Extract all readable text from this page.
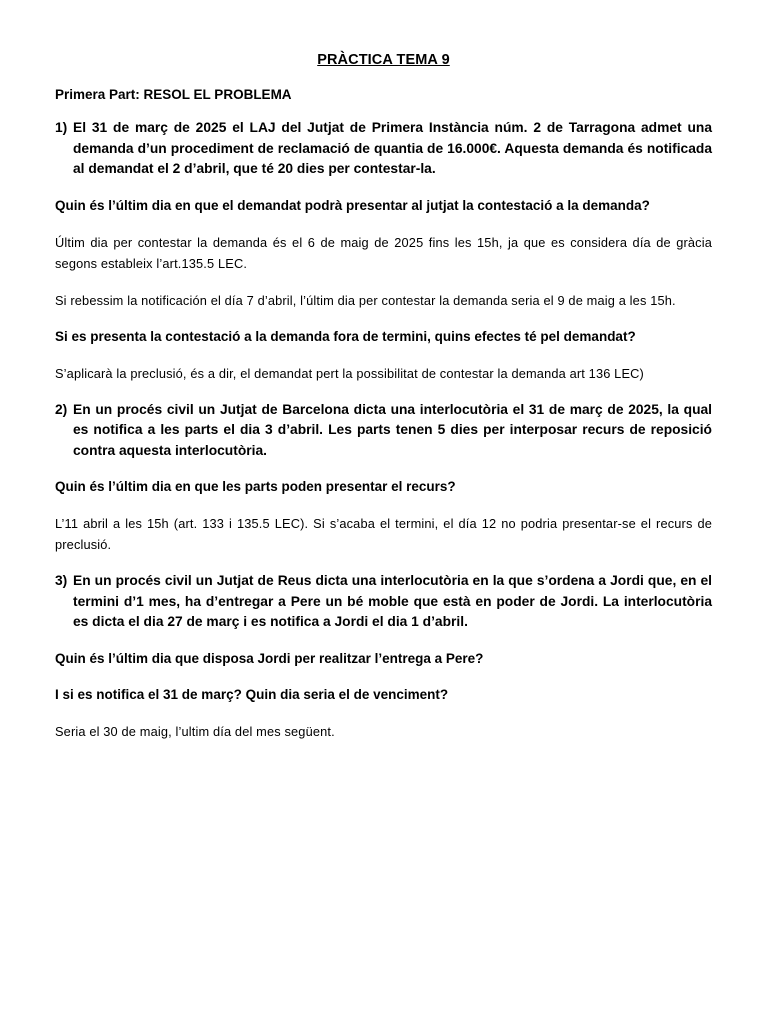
PRÀCTICA TEMA 9
Primera Part: RESOL EL PROBLEMA
1) El 31 de març de 2025 el LAJ del Jutjat de Primera Instància núm. 2 de Tarragona admet una demanda d’un procediment de reclamació de quantia de 16.000€. Aquesta demanda és notificada al demandat el 2 d’abril, que té 20 dies per contestar-la.
Quin és l’últim dia en que el demandat podrà presentar al jutjat la contestació a la demanda?
Últim dia per contestar la demanda és el 6 de maig de 2025 fins les 15h, ja que es considera día de gràcia segons estableix l’art.135.5 LEC.
Si rebessim la notificación el día 7 d’abril, l’últim dia per contestar la demanda seria el 9 de maig a les 15h.
Si es presenta la contestació a la demanda fora de termini, quins efectes té pel demandat?
S’aplicarà la preclusió, és a dir, el demandat pert la possibilitat de contestar la demanda art 136 LEC)
2) En un procés civil un Jutjat de Barcelona dicta una interlocutòria el 31 de març de 2025, la qual es notifica a les parts el dia 3 d’abril. Les parts tenen 5 dies per interposar recurs de reposició contra aquesta interlocutòria.
Quin és l’últim dia en que les parts poden presentar el recurs?
L’11 abril a les 15h (art. 133 i 135.5 LEC). Si s’acaba el termini, el día 12 no podria presentar-se el recurs de preclusió.
3) En un procés civil un Jutjat de Reus dicta una interlocutòria en la que s’ordena a Jordi que, en el termini d’1 mes, ha d’entregar a Pere un bé moble que està en poder de Jordi. La interlocutòria es dicta el dia 27 de març i es notifica a Jordi el dia 1 d’abril.
Quin és l’últim dia que disposa Jordi per realitzar l’entrega a Pere?
I si es notifica el 31 de març? Quin dia seria el de venciment?
Seria el 30 de maig, l’ultim día del mes següent.
